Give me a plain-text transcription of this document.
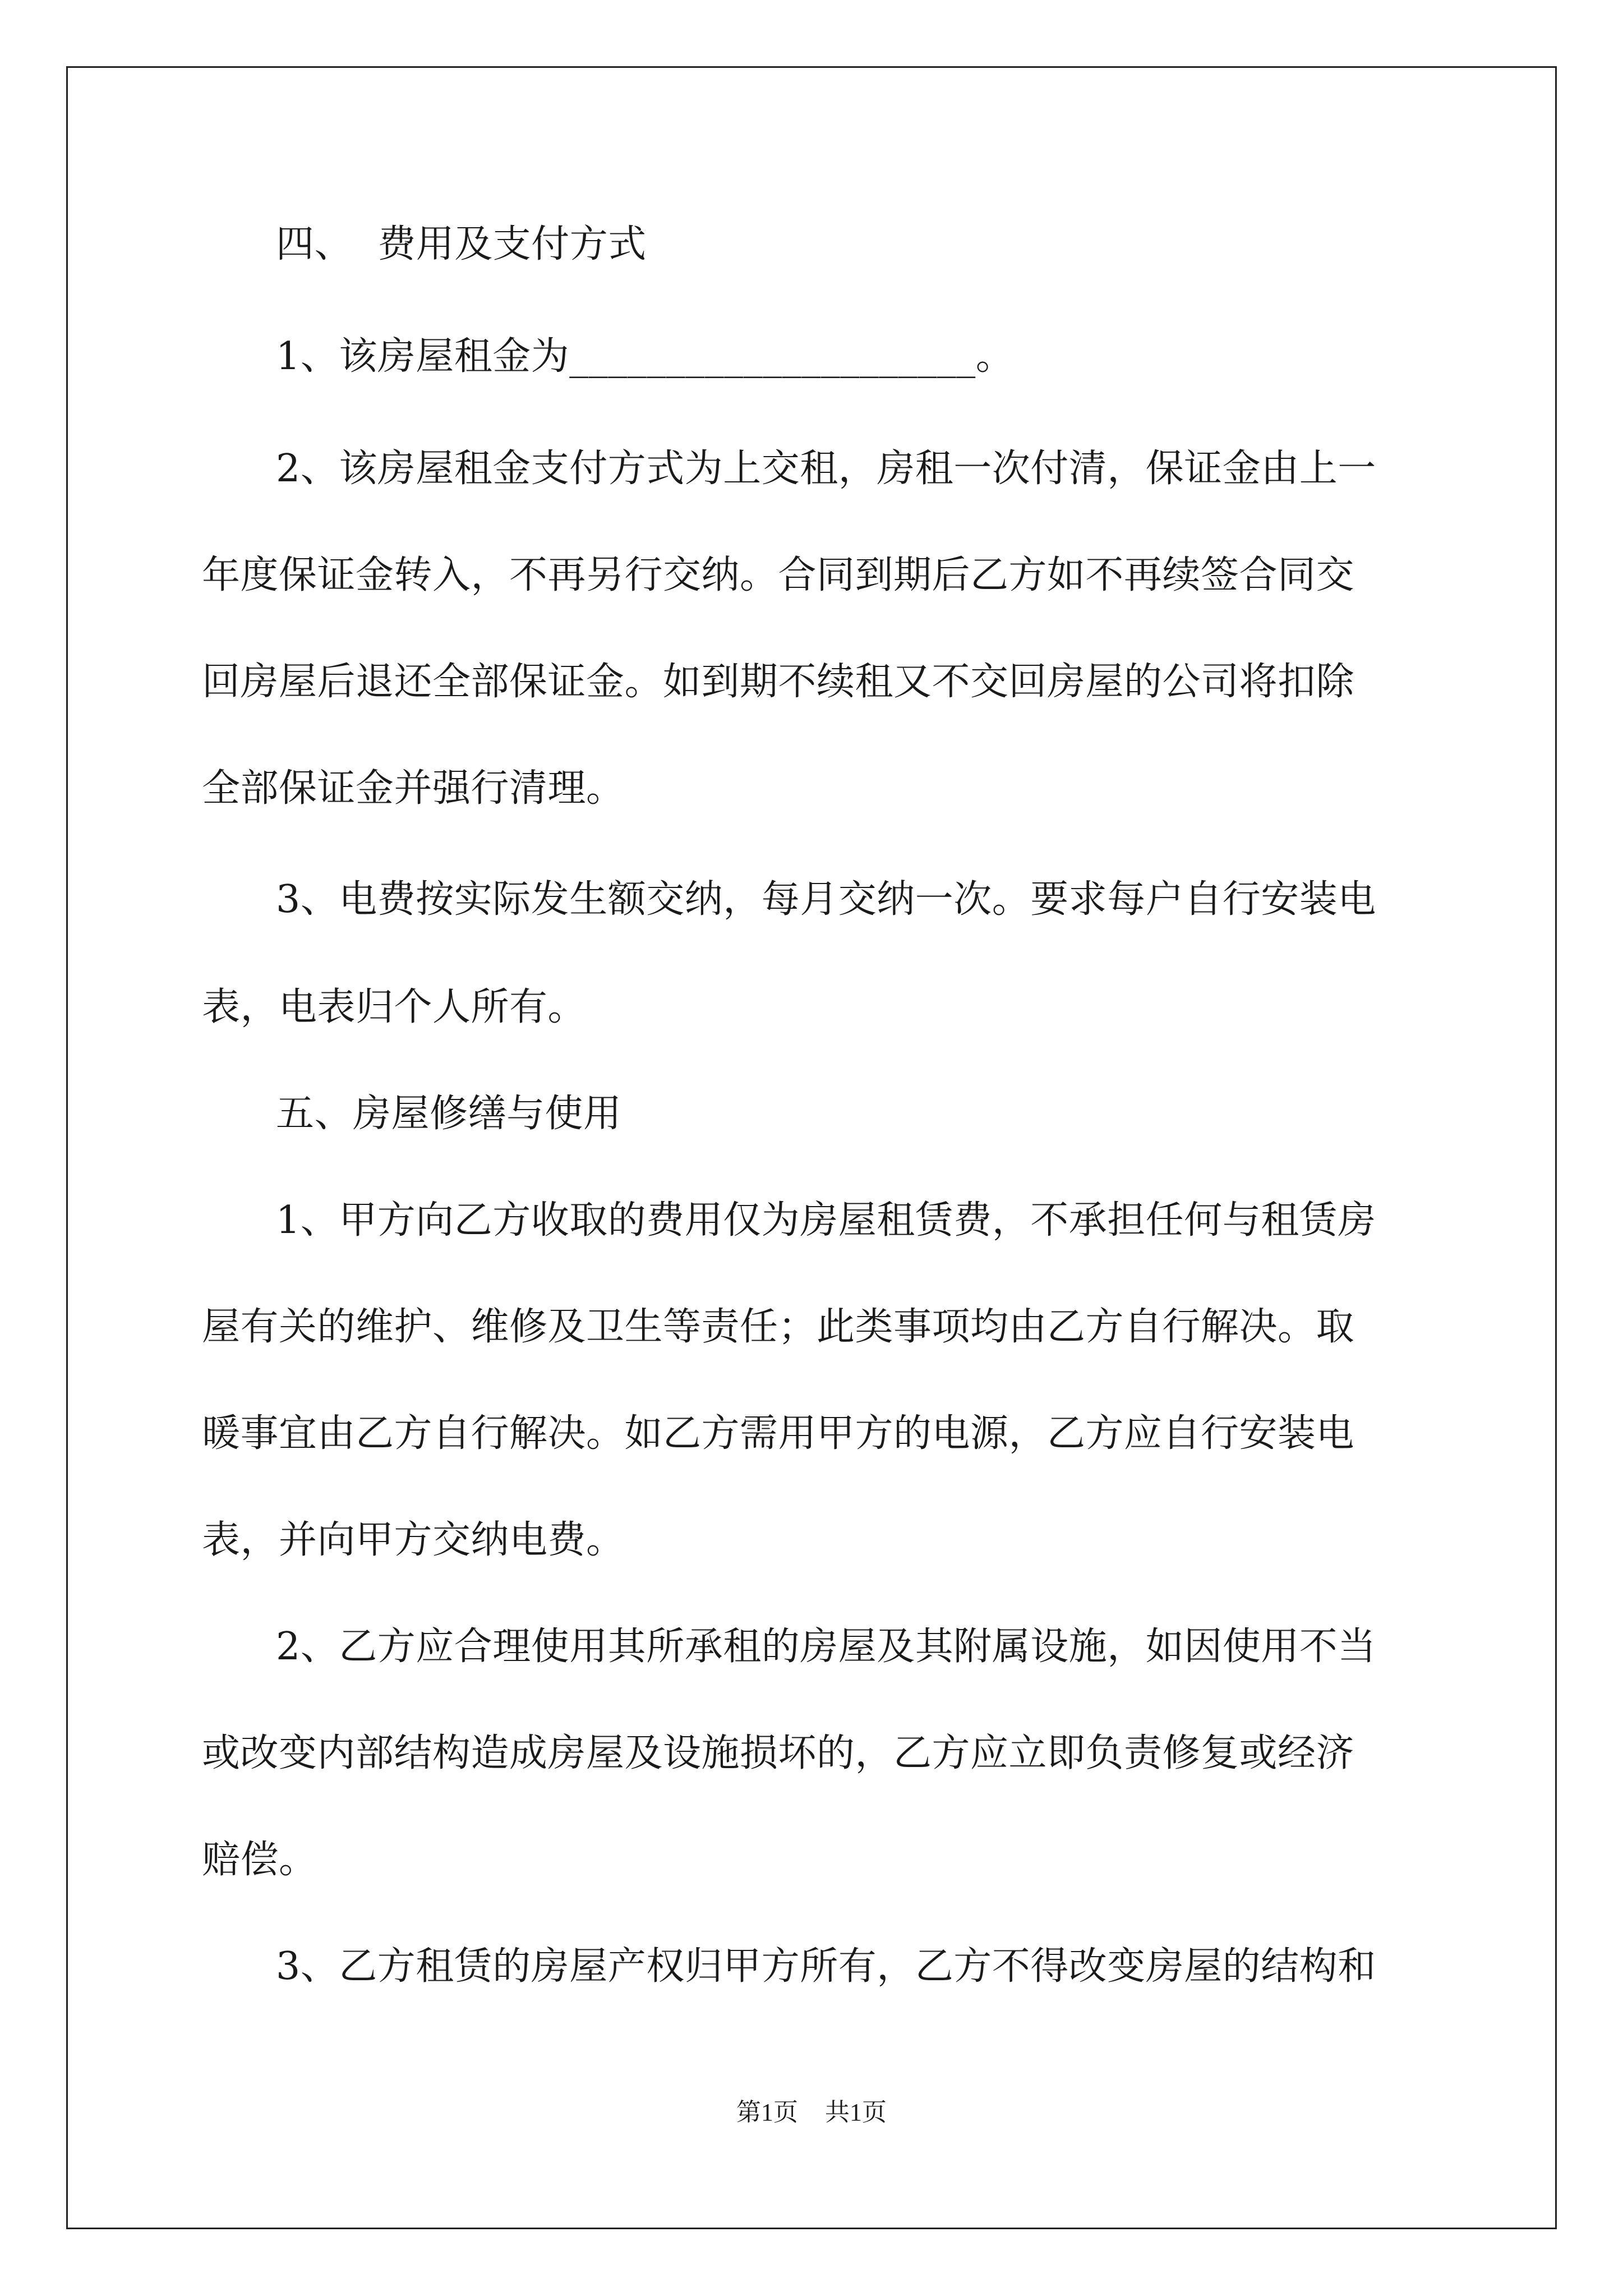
四、  费用及支付方式
1、该房屋租金为_____________________。
2、该房屋租金支付方式为上交租，房租一次付清，保证金由上一
年度保证金转入，不再另行交纳。合同到期后乙方如不再续签合同交
回房屋后退还全部保证金。如到期不续租又不交回房屋的公司将扣除
全部保证金并强行清理。
3、电费按实际发生额交纳，每月交纳一次。要求每户自行安装电
表，电表归个人所有。
五、房屋修缮与使用
1、甲方向乙方收取的费用仅为房屋租赁费，不承担任何与租赁房
屋有关的维护、维修及卫生等责任；此类事项均由乙方自行解决。取
暖事宜由乙方自行解决。如乙方需用甲方的电源，乙方应自行安装电
表，并向甲方交纳电费。
2、乙方应合理使用其所承租的房屋及其附属设施，如因使用不当
或改变内部结构造成房屋及设施损坏的，乙方应立即负责修复或经济
赔偿。
3、乙方租赁的房屋产权归甲方所有，乙方不得改变房屋的结构和
第1页 共1页
